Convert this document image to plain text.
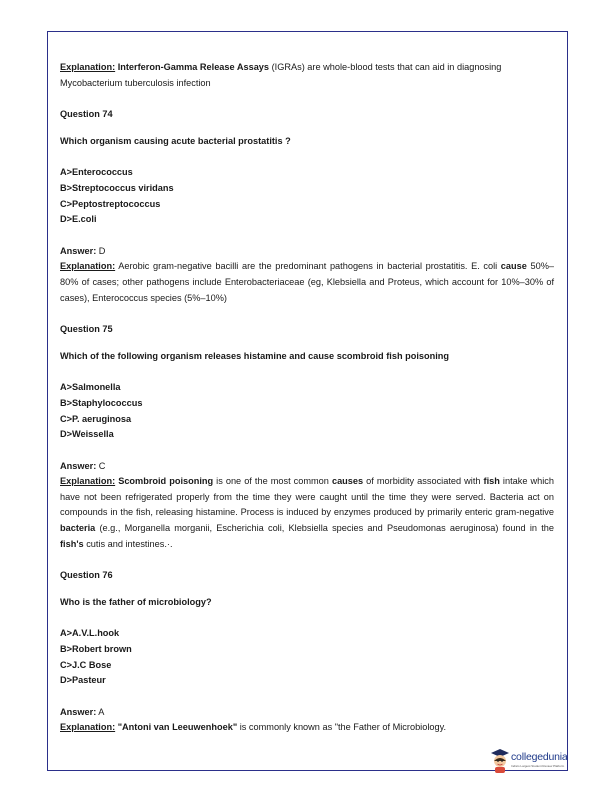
Explanation: Interferon-Gamma Release Assays (IGRAs) are whole-blood tests that can aid in diagnosing Mycobacterium tuberculosis infection

Question 74

Which organism causing acute bacterial prostatitis ?

A>Enterococcus
B>Streptococcus viridans
C>Peptostreptococcus
D>E.coli

Answer: D

Explanation: Aerobic gram-negative bacilli are the predominant pathogens in bacterial prostatitis. E. coli cause 50%–80% of cases; other pathogens include Enterobacteriaceae (eg, Klebsiella and Proteus, which account for 10%–30% of cases), Enterococcus species (5%–10%)

Question 75

Which of the following organism releases histamine and cause scombroid fish poisoning

A>Salmonella
B>Staphylococcus
C>P. aeruginosa
D>Weissella

Answer: C

Explanation: Scombroid poisoning is one of the most common causes of morbidity associated with fish intake which have not been refrigerated properly from the time they were caught until the time they were served. Bacteria act on compounds in the fish, releasing histamine. Process is induced by enzymes produced by primarily enteric gram-negative bacteria (e.g., Morganella morganii, Escherichia coli, Klebsiella species and Pseudomonas aeruginosa) found in the fish's cutis and intestines.·.

Question 76

Who is the father of microbiology?

A>A.V.L.hook
B>Robert brown
C>J.C Bose
D>Pasteur

Answer: A

Explanation: "Antoni van Leeuwenhoek" is commonly known as "the Father of Microbiology.

collegedunia
India's Largest Student Review Platform
